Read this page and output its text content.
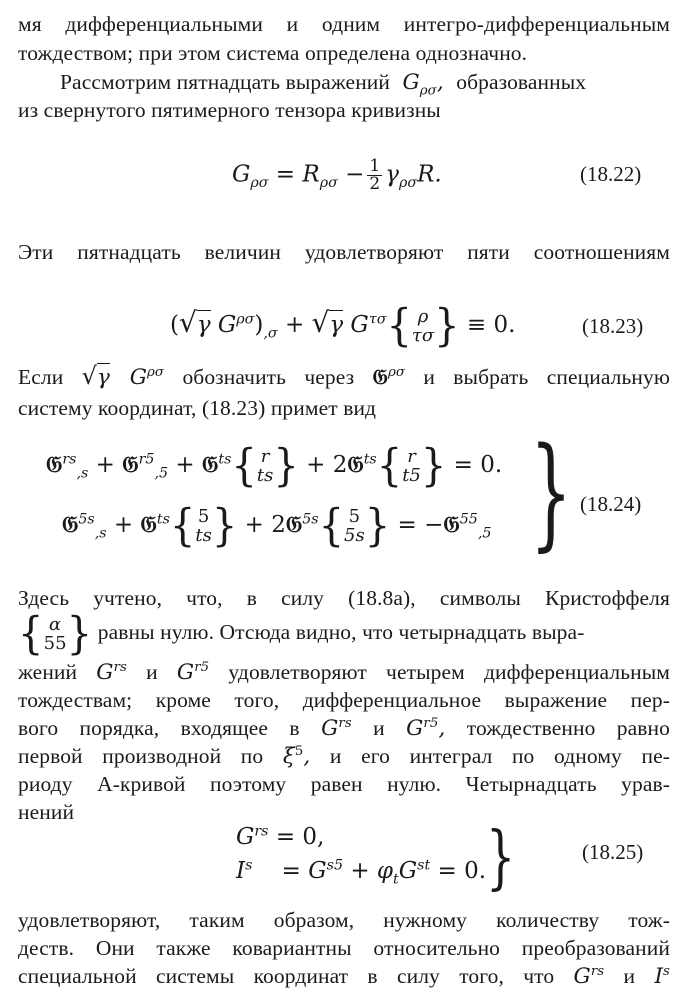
мя дифференциальными и одним интегро-дифференциальным
тождеством; при этом система определена однозначно.
Рассмотрим пятнадцать выражений  $G_{\rho\sigma}$,  образованных
из свернутого пятимерного тензора кривизны
$G_{\rho\sigma} = R_{\rho\sigma} - \frac{1}{2} \gamma_{\rho\sigma}R$.	(18.22)
Эти пятнадцать величин удовлетворяют пяти соотношениям
(√γ $G^{\rho\sigma})_{,\sigma} + √\gamma$ $G^{\tau\sigma}${ ρ
τσ } ≡ 0.	(18.23)
Если √γ $G^{\rho\sigma}$ обозначить через 𝔊$^{\rho\sigma}$ и выбрать специальную
систему координат, (18.23) примет вид
𝔊$^{rs}_{,s}$ + 𝔊$^{r5}_{,5}$ + 𝔊$^{ts}${ r
ts } + 2𝔊$^{ts}${ r
t5 } = 0.
𝔊$^{5s}_{,s}$ + 𝔊$^{ts}${ 5
ts } + 2𝔊$^{5s}${ 5
5s } = −𝔊$^{55}_{,5}$ } (18.24)
Здесь учтено, что, в силу (18.8а), символы Кристоффеля
{ α
55 } равны нулю. Отсюда видно, что четырнадцать выра-
жений $G^{rs}$ и $G^{r5}$ удовлетворяют четырем дифференциальным
тождествам; кроме того, дифференциальное выражение пер-
вого порядка, входящее в $G^{rs}$ и $G^{r5}$, тождественно равно
первой производной по $\xi^5$, и его интеграл по одному пе-
риоду А-кривой поэтому равен нулю. Четырнадцать урав-
нений
$G^{rs} = 0$,
$I^s = G^{s5} + \varphi_tG^{st} = 0$. }	(18.25)
удовлетворяют, таким образом, нужному количеству тож-
деств. Они также ковариантны относительно преобразований
специальной системы координат в силу того, что $G^{rs}$ и $I^s$
